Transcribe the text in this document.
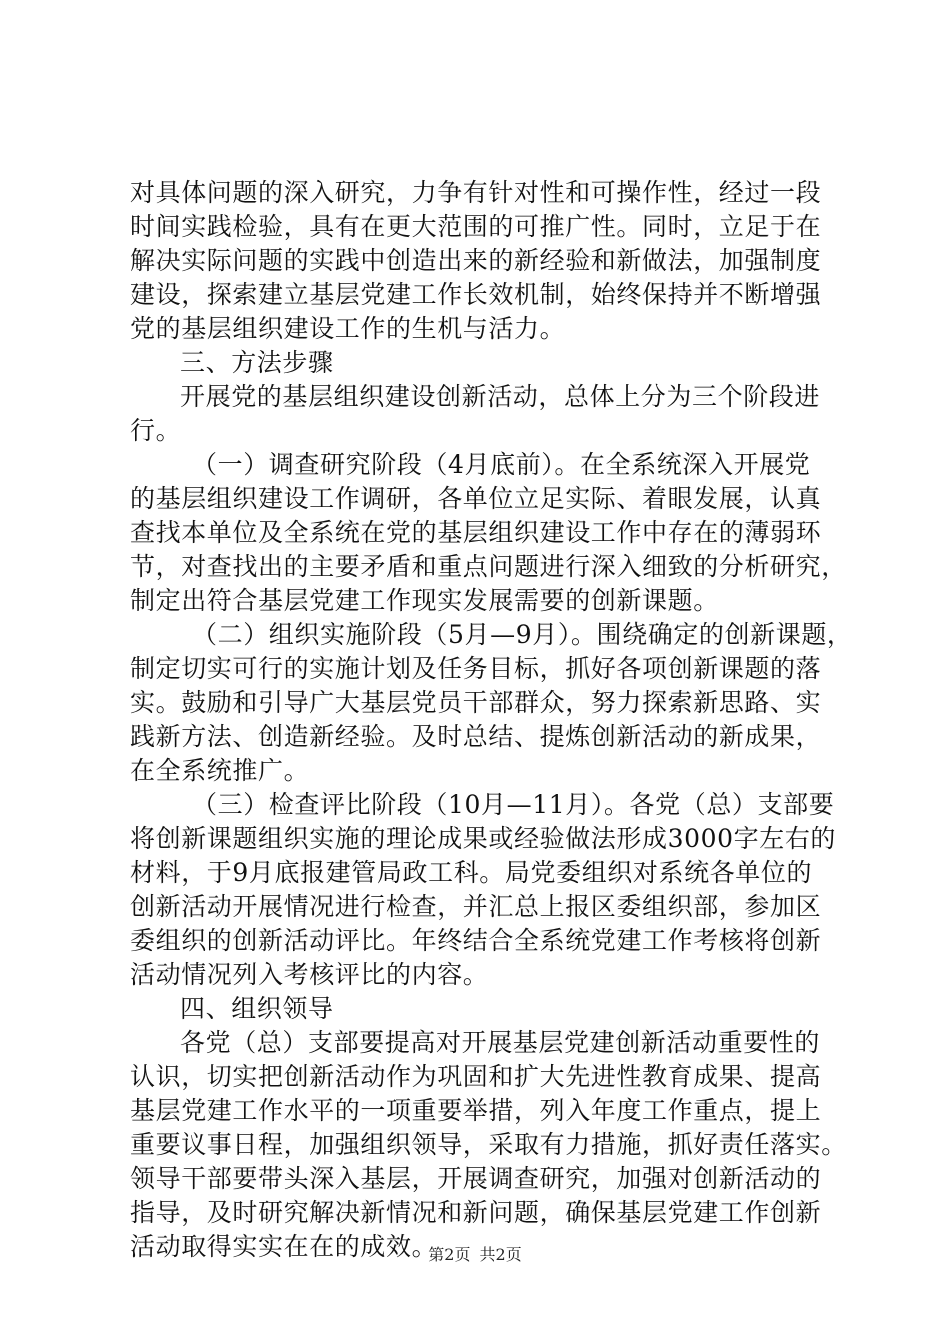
对具体问题的深入研究，力争有针对性和可操作性，经过一段
时间实践检验，具有在更大范围的可推广性。同时，立足于在
解决实际问题的实践中创造出来的新经验和新做法，加强制度
建设，探索建立基层党建工作长效机制，始终保持并不断增强
党的基层组织建设工作的生机与活力。
三、方法步骤
开展党的基层组织建设创新活动，总体上分为三个阶段进
行。
（一）调查研究阶段（4月底前）。在全系统深入开展党
的基层组织建设工作调研，各单位立足实际、着眼发展，认真
查找本单位及全系统在党的基层组织建设工作中存在的薄弱环
节，对查找出的主要矛盾和重点问题进行深入细致的分析研究，
制定出符合基层党建工作现实发展需要的创新课题。
（二）组织实施阶段（5月—9月）。围绕确定的创新课题，
制定切实可行的实施计划及任务目标，抓好各项创新课题的落
实。鼓励和引导广大基层党员干部群众，努力探索新思路、实
践新方法、创造新经验。及时总结、提炼创新活动的新成果，
在全系统推广。
（三）检查评比阶段（10月—11月）。各党（总）支部要
将创新课题组织实施的理论成果或经验做法形成3000字左右的
材料，于9月底报建管局政工科。局党委组织对系统各单位的
创新活动开展情况进行检查，并汇总上报区委组织部，参加区
委组织的创新活动评比。年终结合全系统党建工作考核将创新
活动情况列入考核评比的内容。
四、组织领导
各党（总）支部要提高对开展基层党建创新活动重要性的
认识，切实把创新活动作为巩固和扩大先进性教育成果、提高
基层党建工作水平的一项重要举措，列入年度工作重点，提上
重要议事日程，加强组织领导，采取有力措施，抓好责任落实。
领导干部要带头深入基层，开展调查研究，加强对创新活动的
指导，及时研究解决新情况和新问题，确保基层党建工作创新
活动取得实实在在的成效。
第2页 共2页
